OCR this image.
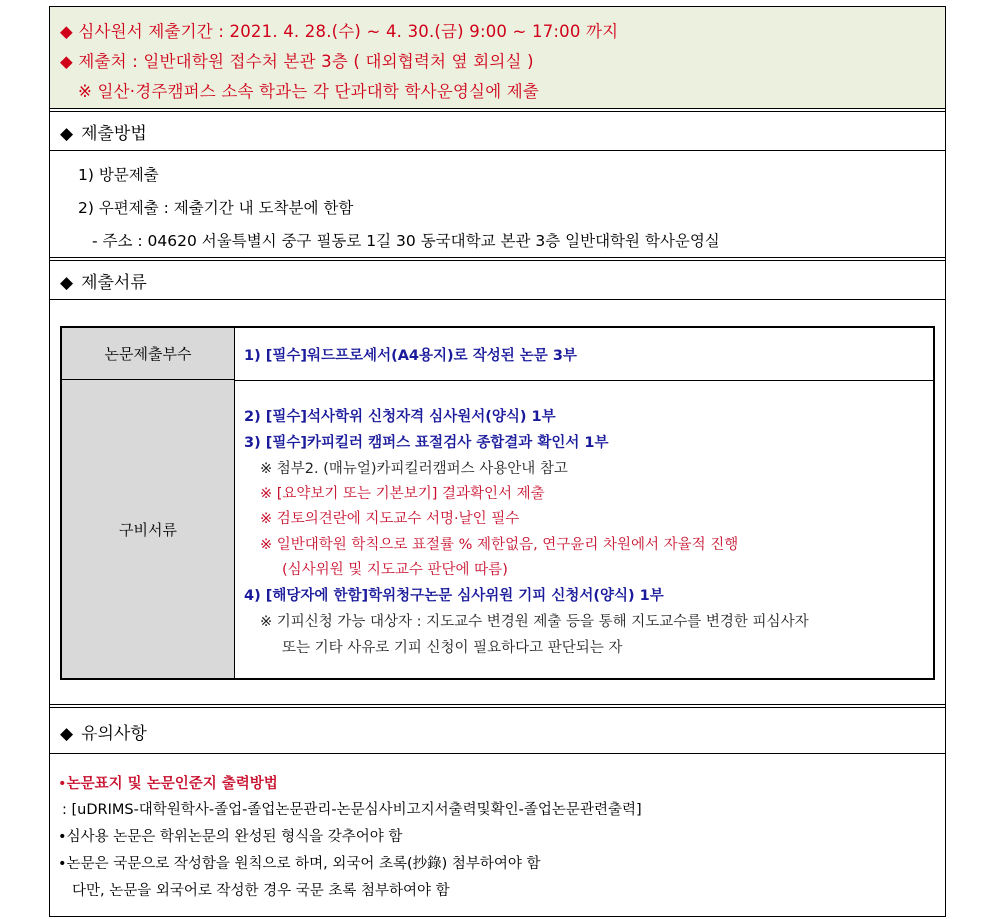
◆ 심사원서 제출기간 : 2021. 4. 28.(수) ~ 4. 30.(금) 9:00 ~ 17:00 까지
◆ 제출처 : 일반대학원 접수처 본관 3층 ( 대외협력처 옆 회의실 )
※ 일산·경주캠퍼스 소속 학과는 각 단과대학 학사운영실에 제출
◆ 제출방법
1) 방문제출
2) 우편제출 : 제출기간 내 도착분에 한함
- 주소 : 04620 서울특별시 중구 필동로 1길 30 동국대학교 본관 3층 일반대학원 학사운영실
◆ 제출서류
논문제출부수
구비서류
1) [필수]워드프로세서(A4용지)로 작성된 논문 3부
2) [필수]석사학위 신청자격 심사원서(양식) 1부
3) [필수]카피킬러 캠퍼스 표절검사 종합결과 확인서 1부
※ 첨부2. (매뉴얼)카피킬러캠퍼스 사용안내 참고
※ [요약보기 또는 기본보기] 결과확인서 제출
※ 검토의견란에 지도교수 서명·날인 필수
※ 일반대학원 학칙으로 표절률 % 제한없음, 연구윤리 차원에서 자율적 진행
(심사위원 및 지도교수 판단에 따름)
4) [해당자에 한함]학위청구논문 심사위원 기피 신청서(양식) 1부
※ 기피신청 가능 대상자 : 지도교수 변경원 제출 등을 통해 지도교수를 변경한 피심사자
또는 기타 사유로 기피 신청이 필요하다고 판단되는 자
◆ 유의사항
•논문표지 및 논문인준지 출력방법
: [uDRIMS-대학원학사-졸업-졸업논문관리-논문심사비고지서출력및확인-졸업논문관련출력]
•심사용 논문은 학위논문의 완성된 형식을 갖추어야 함
•논문은 국문으로 작성함을 원칙으로 하며, 외국어 초록(抄錄) 첨부하여야 함
다만, 논문을 외국어로 작성한 경우 국문 초록 첨부하여야 함
